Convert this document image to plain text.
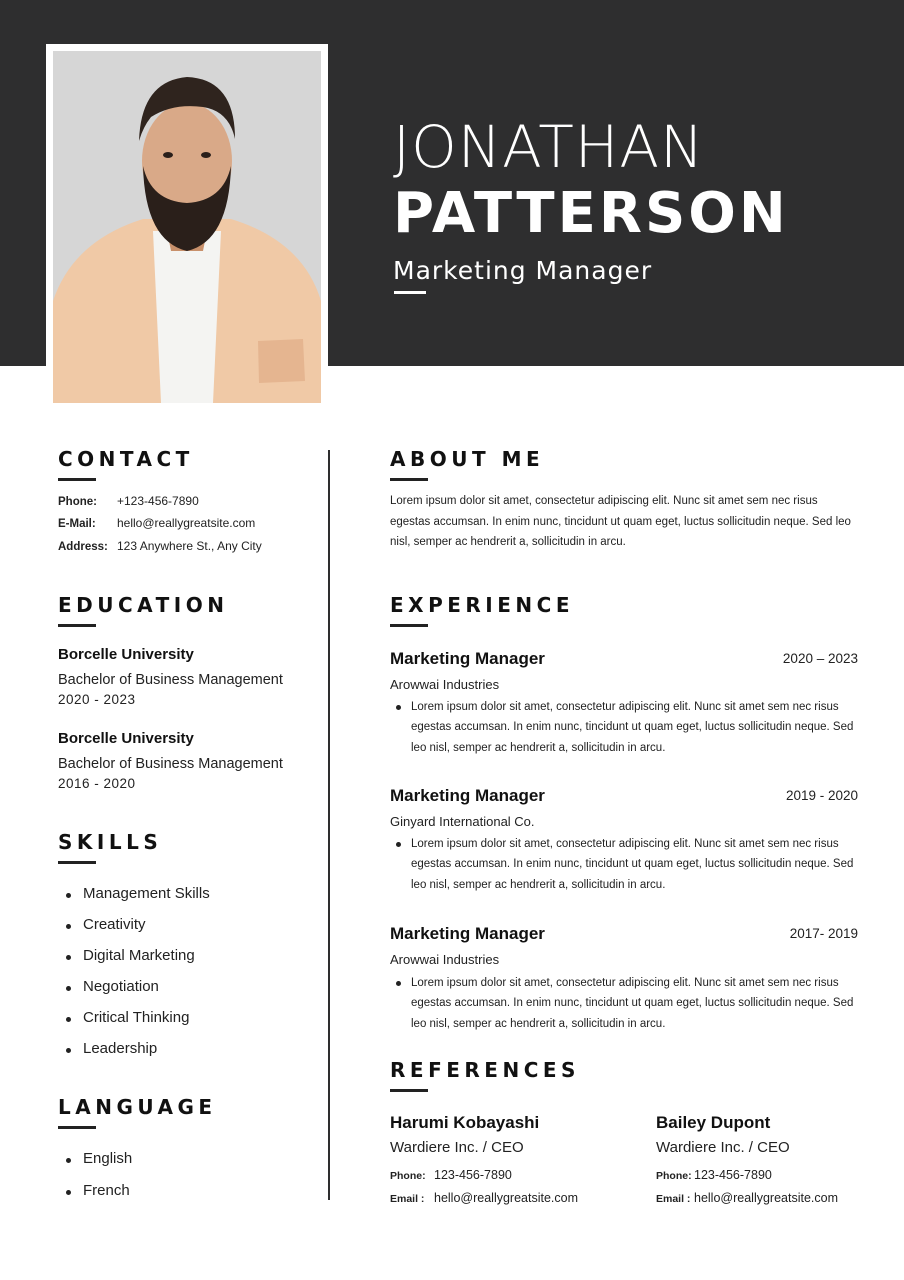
JONATHAN
PATTERSON
Marketing Manager
CONTACT
Phone: +123-456-7890
E-Mail: hello@reallygreatsite.com
Address: 123 Anywhere St., Any City
EDUCATION
Borcelle University
Bachelor of Business Management
2020 - 2023
Borcelle University
Bachelor of Business Management
2016 - 2020
SKILLS
Management Skills
Creativity
Digital Marketing
Negotiation
Critical Thinking
Leadership
LANGUAGE
English
French
ABOUT ME
Lorem ipsum dolor sit amet, consectetur adipiscing elit. Nunc sit amet sem nec risus egestas accumsan. In enim nunc, tincidunt ut quam eget, luctus sollicitudin neque. Sed leo nisl, semper ac hendrerit a, sollicitudin in arcu.
EXPERIENCE
Marketing Manager	2020 – 2023
Arowwai Industries
Lorem ipsum dolor sit amet, consectetur adipiscing elit. Nunc sit amet sem nec risus egestas accumsan. In enim nunc, tincidunt ut quam eget, luctus sollicitudin neque. Sed leo nisl, semper ac hendrerit a, sollicitudin in arcu.
Marketing Manager	2019 - 2020
Ginyard International Co.
Lorem ipsum dolor sit amet, consectetur adipiscing elit. Nunc sit amet sem nec risus egestas accumsan. In enim nunc, tincidunt ut quam eget, luctus sollicitudin neque. Sed leo nisl, semper ac hendrerit a, sollicitudin in arcu.
Marketing Manager	2017- 2019
Arowwai Industries
Lorem ipsum dolor sit amet, consectetur adipiscing elit. Nunc sit amet sem nec risus egestas accumsan. In enim nunc, tincidunt ut quam eget, luctus sollicitudin neque. Sed leo nisl, semper ac hendrerit a, sollicitudin in arcu.
REFERENCES
Harumi Kobayashi
Wardiere Inc. / CEO
Phone: 123-456-7890
Email : hello@reallygreatsite.com
Bailey Dupont
Wardiere Inc. / CEO
Phone: 123-456-7890
Email : hello@reallygreatsite.com
